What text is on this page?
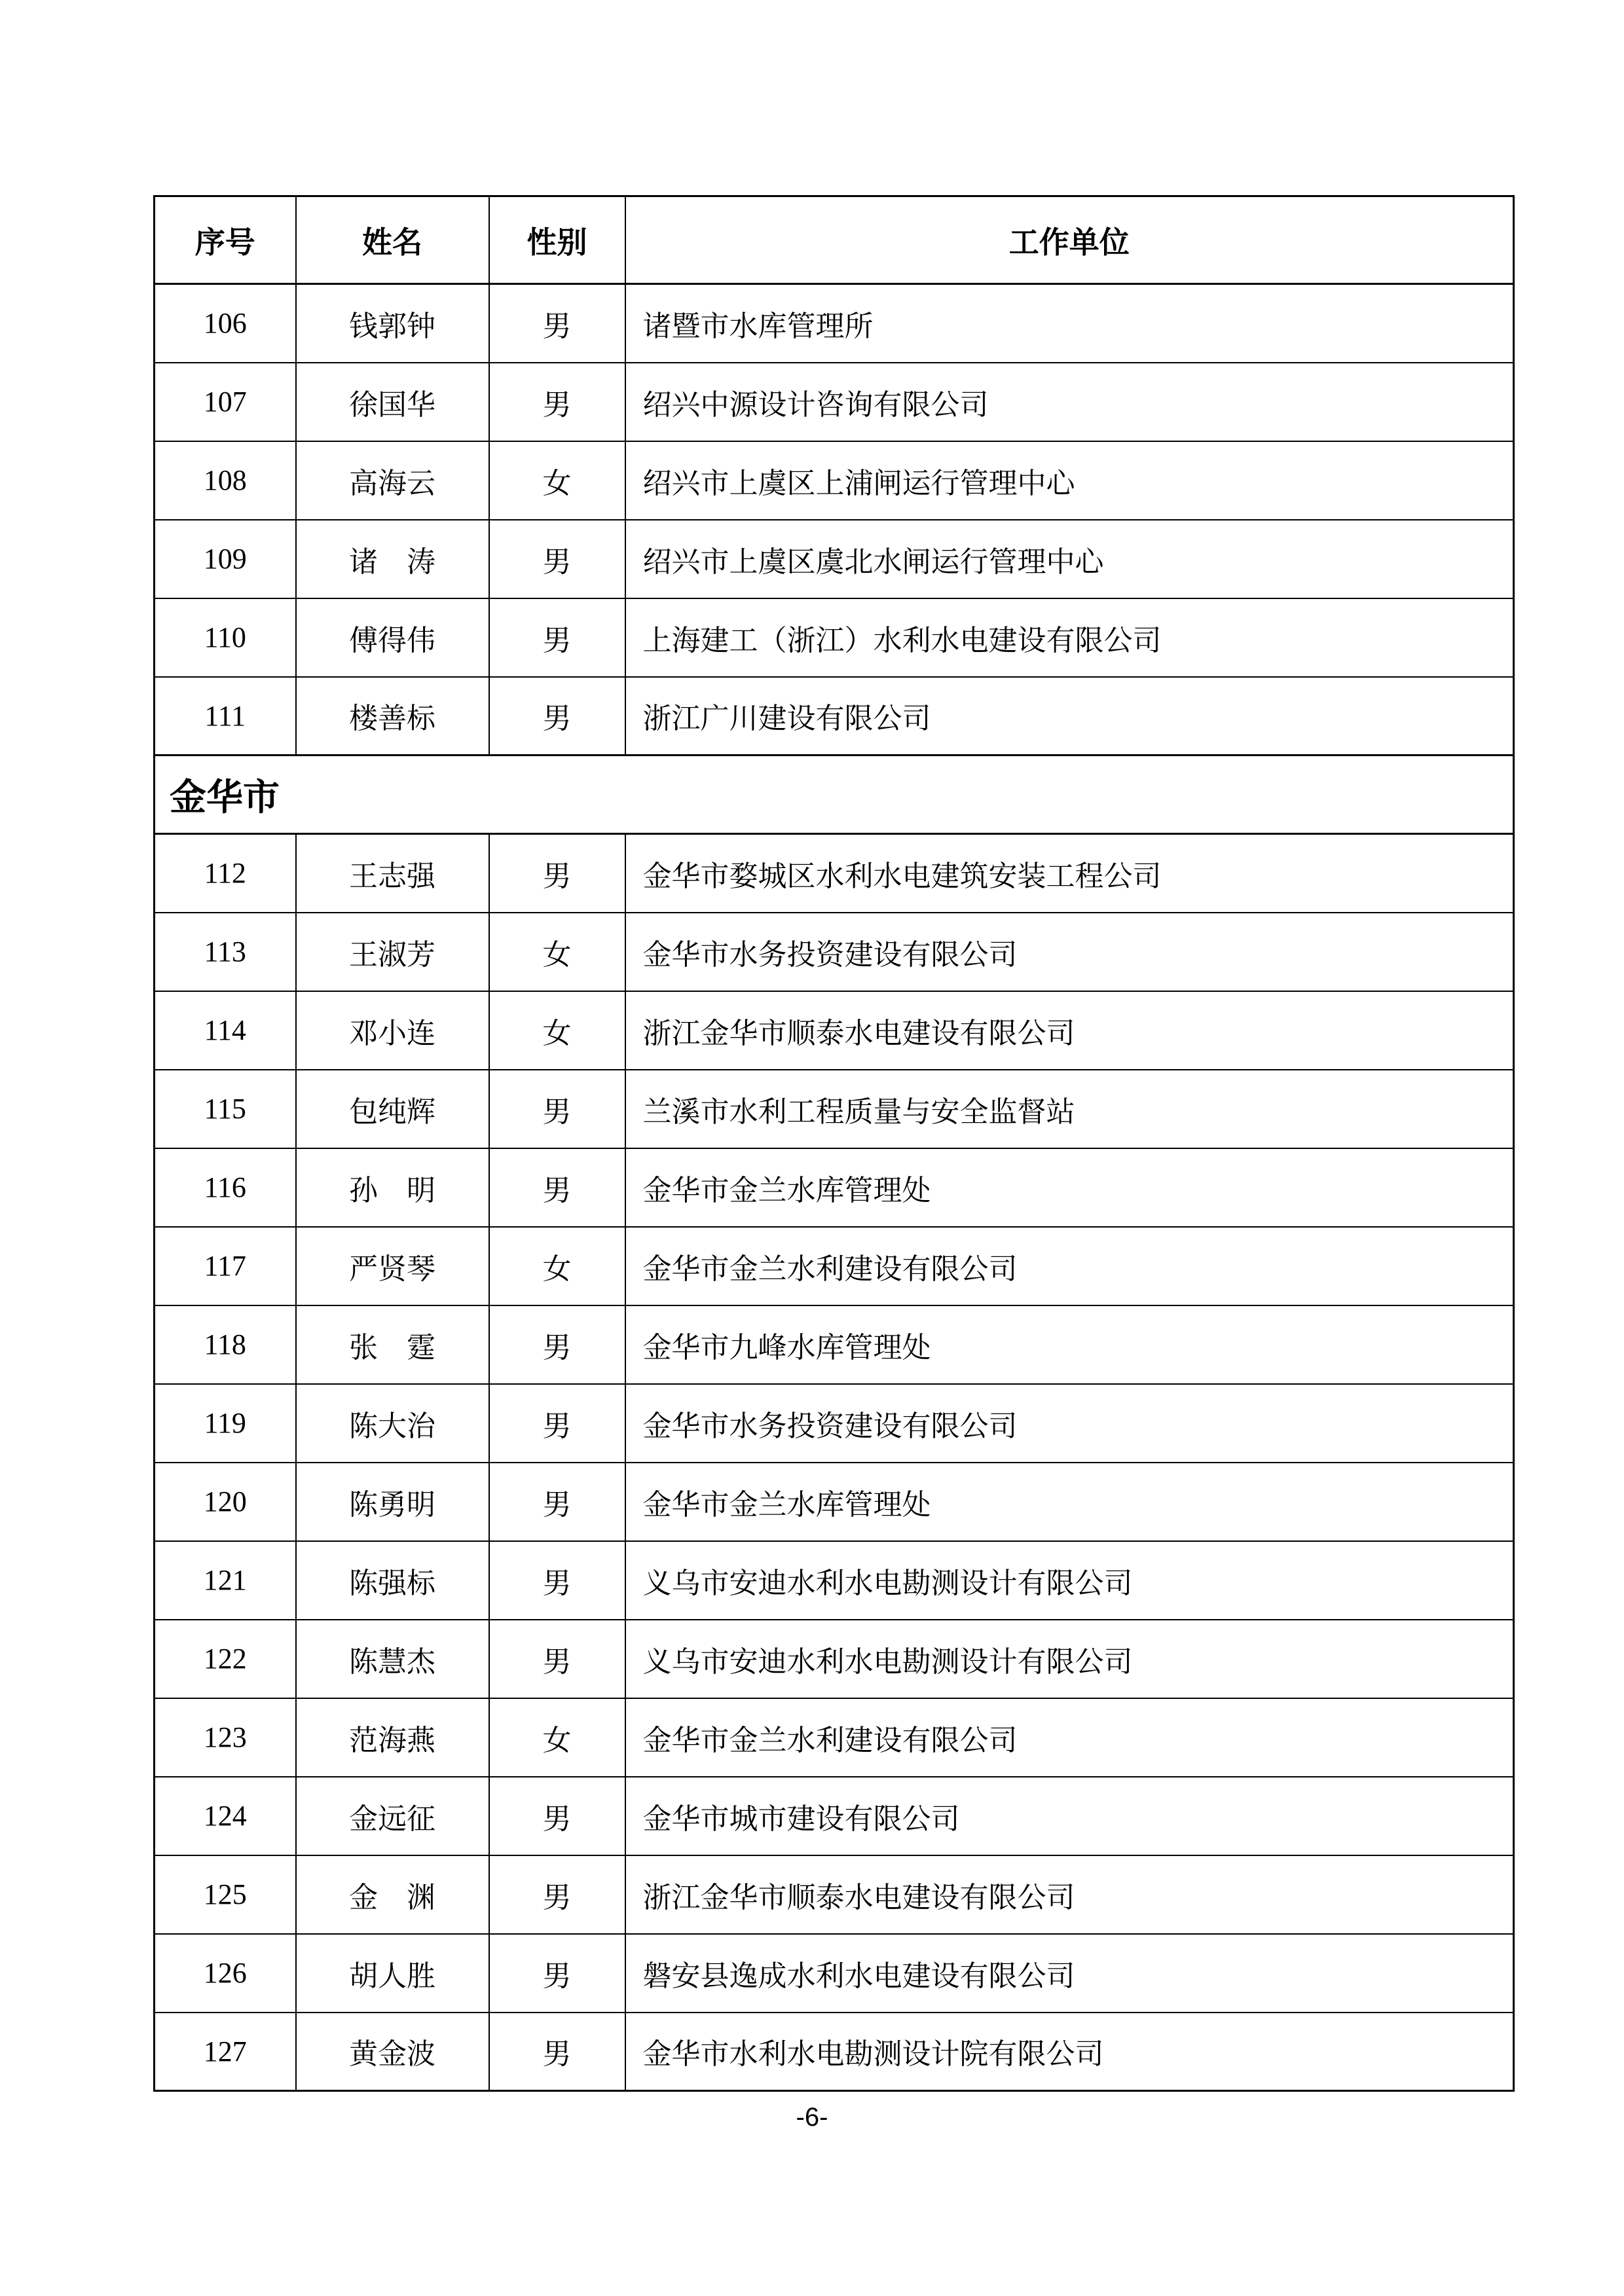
序号	姓名	性别	工作单位
106	钱郭钟	男	诸暨市水库管理所
107	徐国华	男	绍兴中源设计咨询有限公司
108	高海云	女	绍兴市上虞区上浦闸运行管理中心
109	诸　涛	男	绍兴市上虞区虞北水闸运行管理中心
110	傅得伟	男	上海建工（浙江）水利水电建设有限公司
111	楼善标	男	浙江广川建设有限公司
金华市			
112	王志强	男	金华市婺城区水利水电建筑安装工程公司
113	王淑芳	女	金华市水务投资建设有限公司
114	邓小连	女	浙江金华市顺泰水电建设有限公司
115	包纯辉	男	兰溪市水利工程质量与安全监督站
116	孙　明	男	金华市金兰水库管理处
117	严贤琴	女	金华市金兰水利建设有限公司
118	张　霆	男	金华市九峰水库管理处
119	陈大治	男	金华市水务投资建设有限公司
120	陈勇明	男	金华市金兰水库管理处
121	陈强标	男	义乌市安迪水利水电勘测设计有限公司
122	陈慧杰	男	义乌市安迪水利水电勘测设计有限公司
123	范海燕	女	金华市金兰水利建设有限公司
124	金远征	男	金华市城市建设有限公司
125	金　渊	男	浙江金华市顺泰水电建设有限公司
126	胡人胜	男	磐安县逸成水利水电建设有限公司
127	黄金波	男	金华市水利水电勘测设计院有限公司
-6-
